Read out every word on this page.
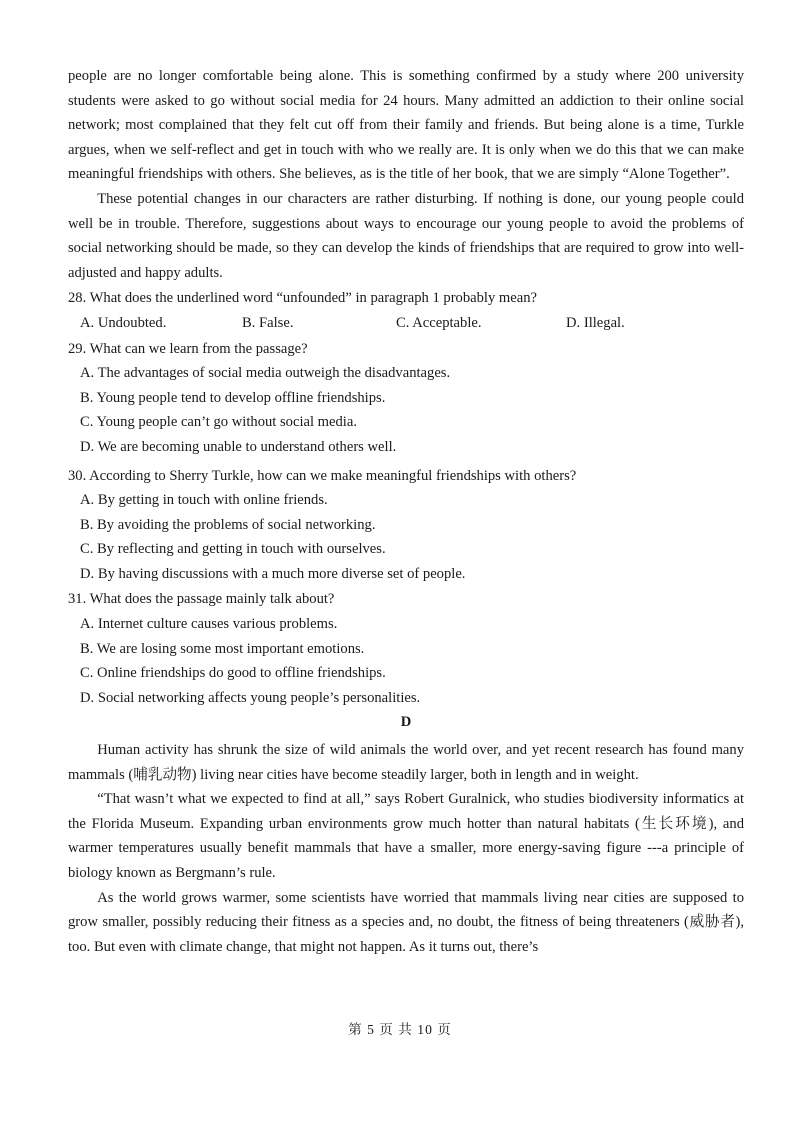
people are no longer comfortable being alone. This is something confirmed by a study where 200 university students were asked to go without social media for 24 hours. Many admitted an addiction to their online social network; most complained that they felt cut off from their family and friends. But being alone is a time, Turkle argues, when we self-reflect and get in touch with who we really are. It is only when we do this that we can make meaningful friendships with others. She believes, as is the title of her book, that we are simply “Alone Together”.

These potential changes in our characters are rather disturbing. If nothing is done, our young people could well be in trouble. Therefore, suggestions about ways to encourage our young people to avoid the problems of social networking should be made, so they can develop the kinds of friendships that are required to grow into well-adjusted and happy adults.

28. What does the underlined word “unfounded” in paragraph 1 probably mean?

A. Undoubted.	B. False.	C. Acceptable.	D. Illegal.

29. What can we learn from the passage?

A. The advantages of social media outweigh the disadvantages.

B. Young people tend to develop offline friendships.

C. Young people can’t go without social media.

D. We are becoming unable to understand others well.

30. According to Sherry Turkle, how can we make meaningful friendships with others?

A. By getting in touch with online friends.

B. By avoiding the problems of social networking.

C. By reflecting and getting in touch with ourselves.

D. By having discussions with a much more diverse set of people.

31. What does the passage mainly talk about?

A. Internet culture causes various problems.

B. We are losing some most important emotions.

C. Online friendships do good to offline friendships.

D. Social networking affects young people’s personalities.

D

Human activity has shrunk the size of wild animals the world over, and yet recent research has found many mammals (哺乳动物) living near cities have become steadily larger, both in length and in weight.

“That wasn’t what we expected to find at all,” says Robert Guralnick, who studies biodiversity informatics at the Florida Museum. Expanding urban environments grow much hotter than natural habitats (生长环境), and warmer temperatures usually benefit mammals that have a smaller, more energy-saving figure ---a principle of biology known as Bergmann’s rule.

As the world grows warmer, some scientists have worried that mammals living near cities are supposed to grow smaller, possibly reducing their fitness as a species and, no doubt, the fitness of being threateners (威胁者), too. But even with climate change, that might not happen. As it turns out, there’s

第 5 页 共 10 页
